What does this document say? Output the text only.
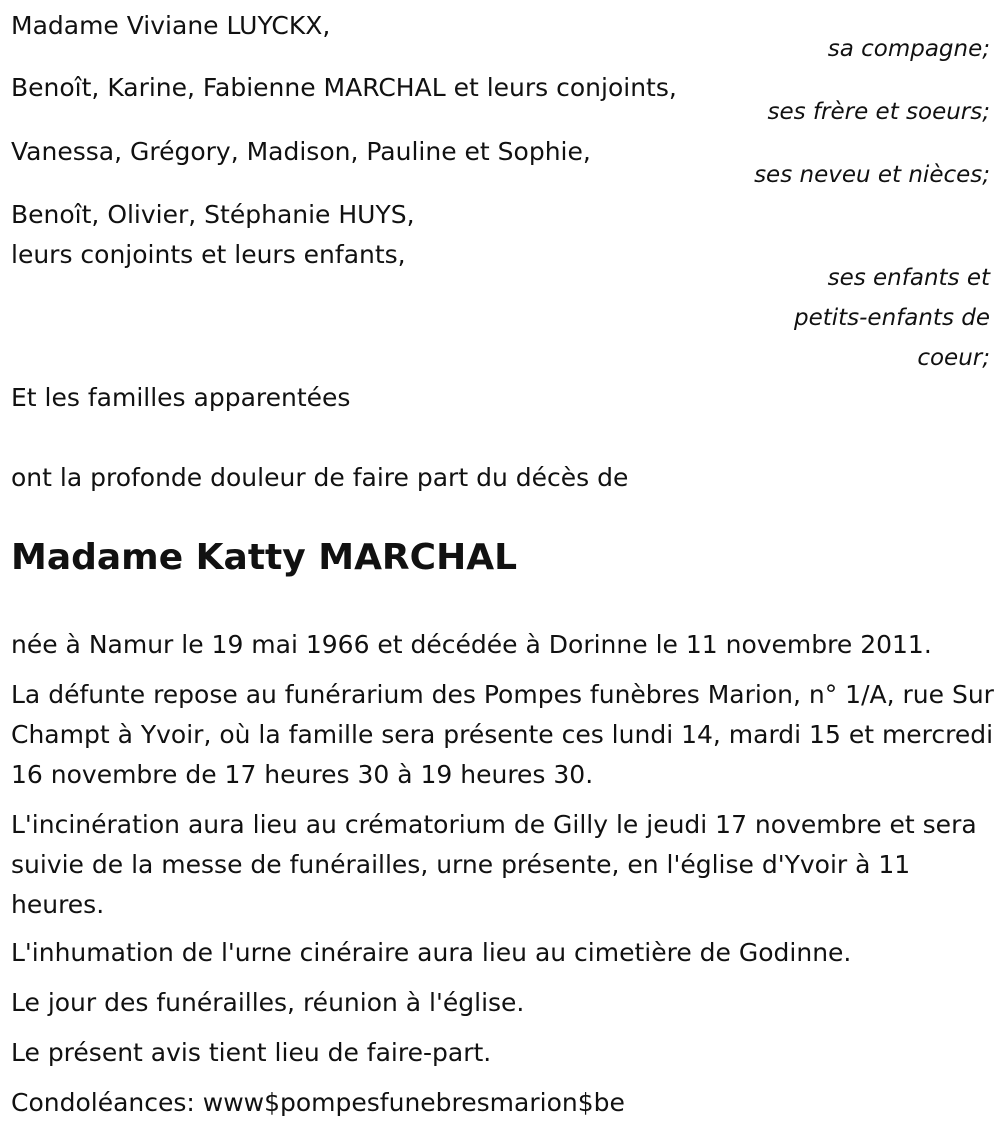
Madame Viviane LUYCKX,
sa compagne;
Benoît, Karine, Fabienne MARCHAL et leurs conjoints,
ses frère et soeurs;
Vanessa, Grégory, Madison, Pauline et Sophie,
ses neveu et nièces;
Benoît, Olivier, Stéphanie HUYS,
leurs conjoints et leurs enfants,
ses enfants et
petits-enfants de
coeur;
Et les familles apparentées
ont la profonde douleur de faire part du décès de
Madame Katty MARCHAL
née à Namur le 19 mai 1966 et décédée à Dorinne le 11 novembre 2011.
La défunte repose au funérarium des Pompes funèbres Marion, n° 1/A, rue Sur Champt à Yvoir, où la famille sera présente ces lundi 14, mardi 15 et mercredi 16 novembre de 17 heures 30 à 19 heures 30.
L'incinération aura lieu au crématorium de Gilly le jeudi 17 novembre et sera suivie de la messe de funérailles, urne présente, en l'église d'Yvoir à 11 heures.
L'inhumation de l'urne cinéraire aura lieu au cimetière de Godinne.
Le jour des funérailles, réunion à l'église.
Le présent avis tient lieu de faire-part.
Condoléances: www$pompesfunebresmarion$be
